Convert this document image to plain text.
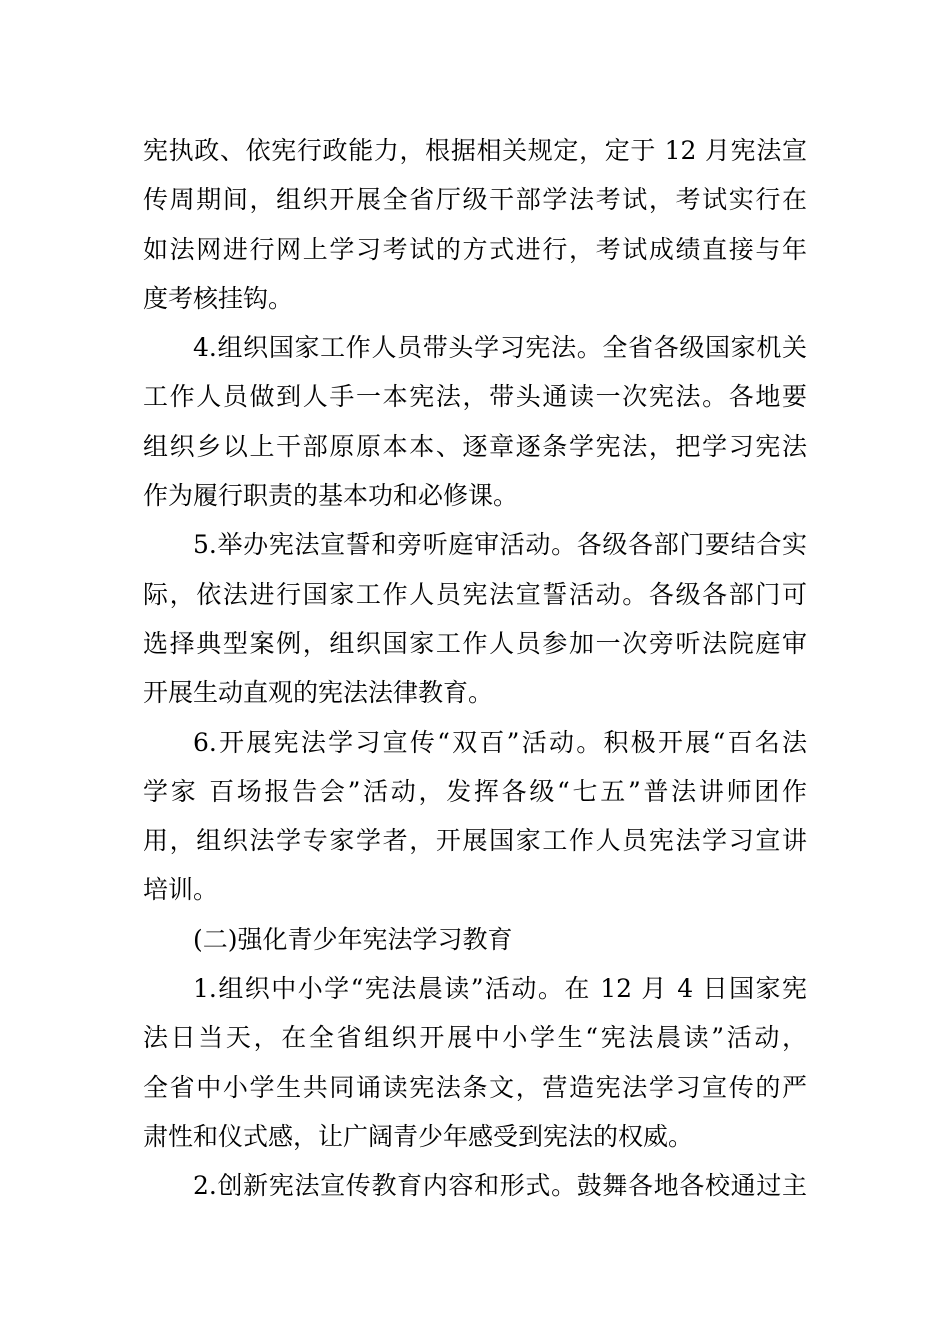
宪执政、依宪行政能力，根据相关规定，定于 12 月宪法宣
传周期间，组织开展全省厅级干部学法考试，考试实行在
如法网进行网上学习考试的方式进行，考试成绩直接与年
度考核挂钩。
4.组织国家工作人员带头学习宪法。全省各级国家机关
工作人员做到人手一本宪法，带头通读一次宪法。各地要
组织乡以上干部原原本本、逐章逐条学宪法，把学习宪法
作为履行职责的基本功和必修课。
5.举办宪法宣誓和旁听庭审活动。各级各部门要结合实
际，依法进行国家工作人员宪法宣誓活动。各级各部门可
选择典型案例，组织国家工作人员参加一次旁听法院庭审
开展生动直观的宪法法律教育。
6.开展宪法学习宣传“双百”活动。积极开展“百名法
学家 百场报告会”活动，发挥各级“七五”普法讲师团作
用，组织法学专家学者，开展国家工作人员宪法学习宣讲
培训。
(二)强化青少年宪法学习教育
1.组织中小学“宪法晨读”活动。在 12 月 4 日国家宪
法日当天，在全省组织开展中小学生“宪法晨读”活动，
全省中小学生共同诵读宪法条文，营造宪法学习宣传的严
肃性和仪式感，让广阔青少年感受到宪法的权威。
2.创新宪法宣传教育内容和形式。鼓舞各地各校通过主
